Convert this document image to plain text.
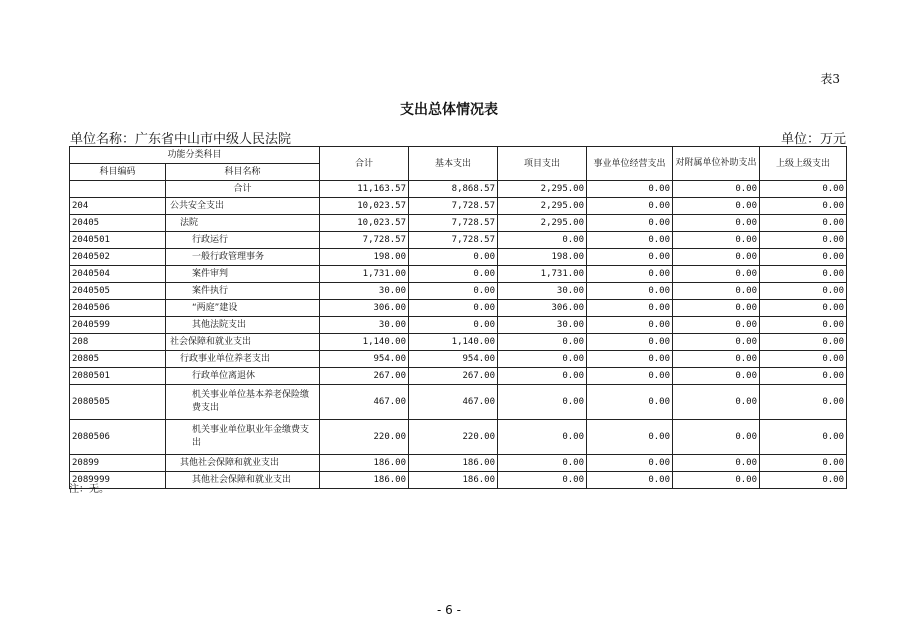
表3
支出总体情况表
单位名称：广东省中山市中级人民法院	单位：万元
功能分类科目		合计	基本支出	项目支出	事业单位经营支出	对附属单位补助支出	上级上级支出
科目编码	科目名称						
	合计	11,163.57	8,868.57	2,295.00	0.00	0.00	0.00
204	公共安全支出	10,023.57	7,728.57	2,295.00	0.00	0.00	0.00
20405	法院	10,023.57	7,728.57	2,295.00	0.00	0.00	0.00
2040501	行政运行	7,728.57	7,728.57	0.00	0.00	0.00	0.00
2040502	一般行政管理事务	198.00	0.00	198.00	0.00	0.00	0.00
2040504	案件审判	1,731.00	0.00	1,731.00	0.00	0.00	0.00
2040505	案件执行	30.00	0.00	30.00	0.00	0.00	0.00
2040506	“两庭”建设	306.00	0.00	306.00	0.00	0.00	0.00
2040599	其他法院支出	30.00	0.00	30.00	0.00	0.00	0.00
208	社会保障和就业支出	1,140.00	1,140.00	0.00	0.00	0.00	0.00
20805	行政事业单位养老支出	954.00	954.00	0.00	0.00	0.00	0.00
2080501	行政单位离退休	267.00	267.00	0.00	0.00	0.00	0.00
2080505	机关事业单位基本养老保险缴费支出	467.00	467.00	0.00	0.00	0.00	0.00
2080506	机关事业单位职业年金缴费支出	220.00	220.00	0.00	0.00	0.00	0.00
20899	其他社会保障和就业支出	186.00	186.00	0.00	0.00	0.00	0.00
2089999	其他社会保障和就业支出	186.00	186.00	0.00	0.00	0.00	0.00
注：无。
- 6 -
